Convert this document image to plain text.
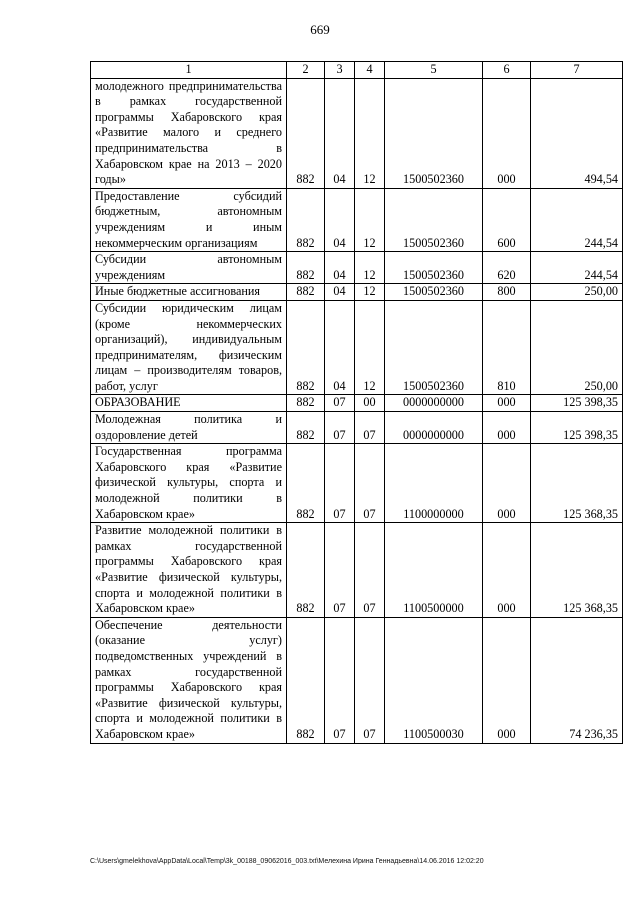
669
1	2	3	4	5	6	7
молодежного предпринимательства в рамках государственной программы Хабаровского края «Развитие малого и среднего предпринимательства в Хабаровском крае на 2013 – 2020 годы»	882	04	12	1500502360	000	494,54
Предоставление субсидий бюджетным, автономным учреждениям и иным некоммерческим организациям	882	04	12	1500502360	600	244,54
Субсидии автономным учреждениям	882	04	12	1500502360	620	244,54
Иные бюджетные ассигнования	882	04	12	1500502360	800	250,00
Субсидии юридическим лицам (кроме некоммерческих организаций), индивидуальным предпринимателям, физическим лицам – производителям товаров, работ, услуг	882	04	12	1500502360	810	250,00
ОБРАЗОВАНИЕ	882	07	00	0000000000	000	125 398,35
Молодежная политика и оздоровление детей	882	07	07	0000000000	000	125 398,35
Государственная программа Хабаровского края «Развитие физической культуры, спорта и молодежной политики в Хабаровском крае»	882	07	07	1100000000	000	125 368,35
Развитие молодежной политики в рамках государственной программы Хабаровского края «Развитие физической культуры, спорта и молодежной политики в Хабаровском крае»	882	07	07	1100500000	000	125 368,35
Обеспечение деятельности (оказание услуг) подведомственных учреждений в рамках государственной программы Хабаровского края «Развитие физической культуры, спорта и молодежной политики в Хабаровском крае»	882	07	07	1100500030	000	74 236,35
C:\Users\gmelekhova\AppData\Local\Temp\3k_00188_09062016_003.txt\Мелехина Ирина Геннадьевна\14.06.2016 12:02:20
